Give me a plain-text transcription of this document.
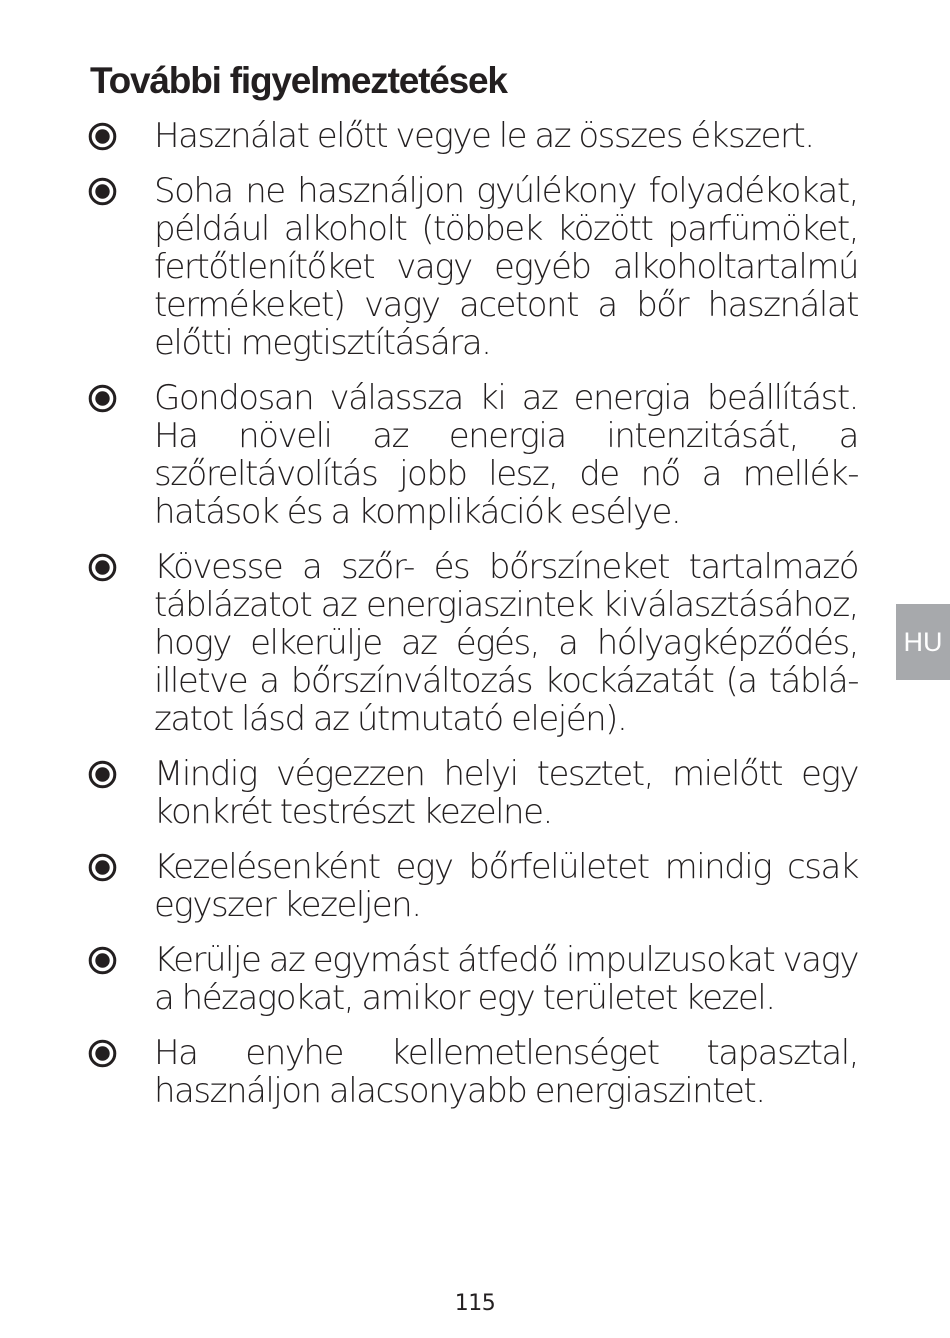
További figyelmeztetések
Használat előtt vegye le az összes ékszert.
Soha ne használjon gyúlékony folyadékokat, például alkoholt (többek között parfümöket, fertőtlenítőket vagy egyéb alkoholtartalmú termékeket) vagy acetont a bőr használat előtti megtisztítására.
Gondosan válassza ki az energia beállítást. Ha növeli az energia intenzitását, a szőreltávolítás jobb lesz, de nő a mellék-hatások és a komplikációk esélye.
Kövesse a szőr- és bőrszíneket tartalmazó táblázatot az energiaszintek kiválasztásához, hogy elkerülje az égés, a hólyagképződés, illetve a bőrszínváltozás kockázatát (a táblá-zatot lásd az útmutató elején).
Mindig végezzen helyi tesztet, mielőtt egy konkrét testrészt kezelne.
Kezelésenként egy bőrfelületet mindig csak egyszer kezeljen.
Kerülje az egymást átfedő impulzusokat vagy a hézagokat, amikor egy területet kezel.
Ha enyhe kellemetlenséget tapasztal, használjon alacsonyabb energiaszintet.
HU
115
